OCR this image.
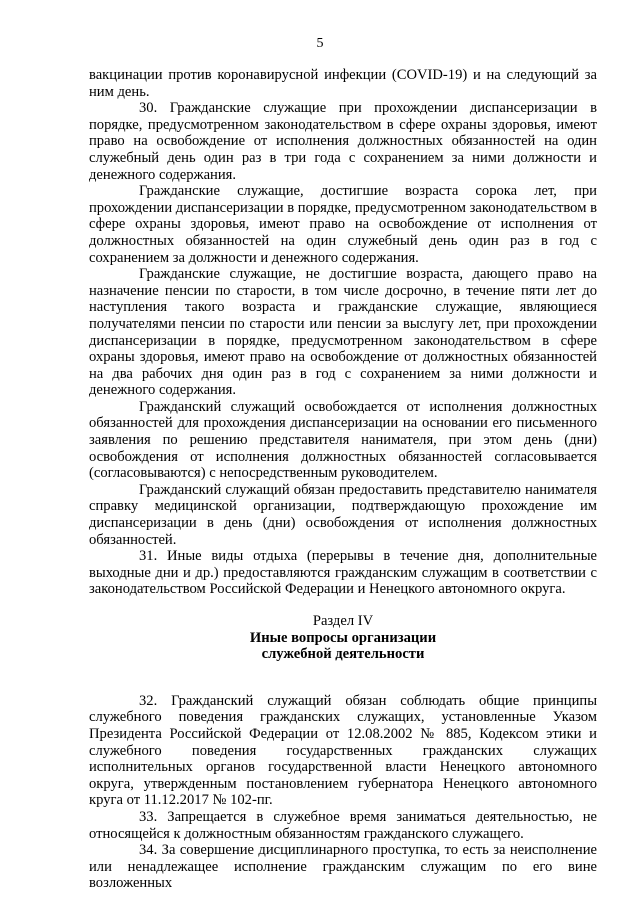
5

вакцинации против коронавирусной инфекции (COVID-19) и на следующий за ним день.

30. Гражданские служащие при прохождении диспансеризации в порядке, предусмотренном законодательством в сфере охраны здоровья, имеют право на освобождение от исполнения должностных обязанностей на один служебный день один раз в три года с сохранением за ними должности и денежного содержания.

Гражданские служащие, достигшие возраста сорока лет, при прохождении диспансеризации в порядке, предусмотренном законодательством в сфере охраны здоровья, имеют право на освобождение от исполнения от должностных обязанностей на один служебный день один раз в год с сохранением за должности и денежного содержания.

Гражданские служащие, не достигшие возраста, дающего право на назначение пенсии по старости, в том числе досрочно, в течение пяти лет до наступления такого возраста и гражданские служащие, являющиеся получателями пенсии по старости или пенсии за выслугу лет, при прохождении диспансеризации в порядке, предусмотренном законодательством в сфере охраны здоровья, имеют право на освобождение от должностных обязанностей на два рабочих дня один раз в год с сохранением за ними должности и денежного содержания.

Гражданский служащий освобождается от исполнения должностных обязанностей для прохождения диспансеризации на основании его письменного заявления по решению представителя нанимателя, при этом день (дни) освобождения от исполнения должностных обязанностей согласовывается (согласовываются) с непосредственным руководителем.

Гражданский служащий обязан предоставить представителю нанимателя справку медицинской организации, подтверждающую прохождение им диспансеризации в день (дни) освобождения от исполнения должностных обязанностей.

31. Иные виды отдыха (перерывы в течение дня, дополнительные выходные дни и др.) предоставляются гражданским служащим в соответствии с законодательством Российской Федерации и Ненецкого автономного округа.

Раздел IV
Иные вопросы организации
служебной деятельности

32. Гражданский служащий обязан соблюдать общие принципы служебного поведения гражданских служащих, установленные Указом Президента Российской Федерации от 12.08.2002 № 885, Кодексом этики и служебного поведения государственных гражданских служащих исполнительных органов государственной власти Ненецкого автономного округа, утвержденным постановлением губернатора Ненецкого автономного круга от 11.12.2017 № 102-пг.

33. Запрещается в служебное время заниматься деятельностью, не относящейся к должностным обязанностям гражданского служащего.

34. За совершение дисциплинарного проступка, то есть за неисполнение или ненадлежащее исполнение гражданским служащим по его вине возложенных
